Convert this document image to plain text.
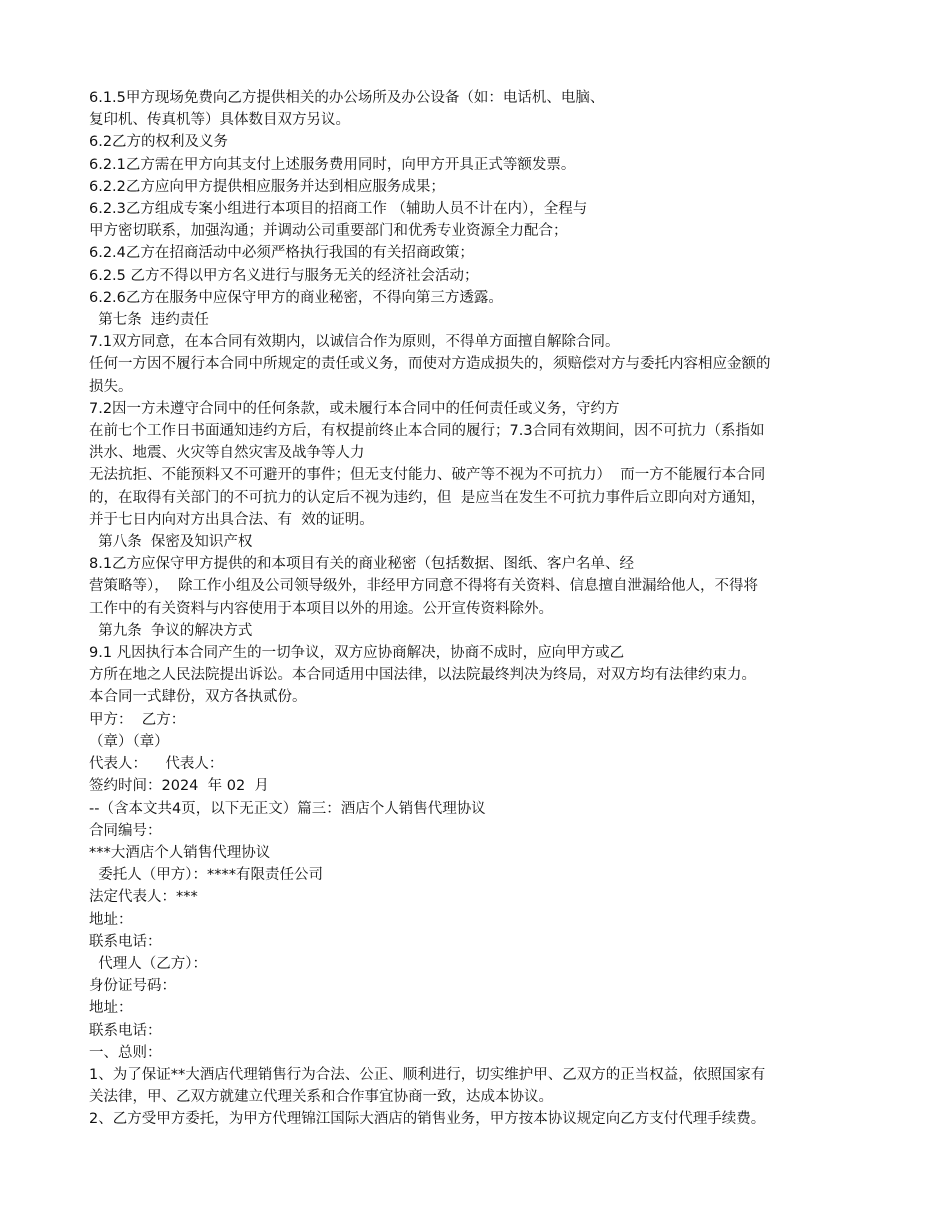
6.1.5甲方现场免费向乙方提供相关的办公场所及办公设备（如：电话机、电脑、
复印机、传真机等）具体数目双方另议。
6.2乙方的权利及义务
6.2.1乙方需在甲方向其支付上述服务费用同时，向甲方开具正式等额发票。
6.2.2乙方应向甲方提供相应服务并达到相应服务成果；
6.2.3乙方组成专案小组进行本项目的招商工作 （辅助人员不计在内），全程与
甲方密切联系，加强沟通；并调动公司重要部门和优秀专业资源全力配合；
6.2.4乙方在招商活动中必须严格执行我国的有关招商政策；
6.2.5 乙方不得以甲方名义进行与服务无关的经济社会活动；
6.2.6乙方在服务中应保守甲方的商业秘密，不得向第三方透露。
第七条  违约责任
7.1双方同意，在本合同有效期内，以诚信合作为原则，不得单方面擅自解除合同。
任何一方因不履行本合同中所规定的责任或义务，而使对方造成损失的，须赔偿对方与委托内容相应金额的
损失。
7.2因一方未遵守合同中的任何条款，或未履行本合同中的任何责任或义务，守约方
在前七个工作日书面通知违约方后，有权提前终止本合同的履行；7.3合同有效期间，因不可抗力（系指如
洪水、地震、火灾等自然灾害及战争等人力
无法抗拒、不能预料又不可避开的事件；但无支付能力、破产等不视为不可抗力）  而一方不能履行本合同
的，在取得有关部门的不可抗力的认定后不视为违约，但  是应当在发生不可抗力事件后立即向对方通知，
并于七日内向对方出具合法、有  效的证明。
第八条  保密及知识产权
8.1乙方应保守甲方提供的和本项目有关的商业秘密（包括数据、图纸、客户名单、经
营策略等），  除工作小组及公司领导级外，非经甲方同意不得将有关资料、信息擅自泄漏给他人，不得将
工作中的有关资料与内容使用于本项目以外的用途。公开宣传资料除外。
第九条  争议的解决方式
9.1 凡因执行本合同产生的一切争议，双方应协商解决，协商不成时，应向甲方或乙
方所在地之人民法院提出诉讼。本合同适用中国法律，以法院最终判决为终局，对双方均有法律约束力。
本合同一式肆份，双方各执贰份。
甲方：  乙方：
（章）（章）
代表人：    代表人：
签约时间：2024  年 02  月
--（含本文共4页，以下无正文）篇三：酒店个人销售代理协议
合同编号：
***大酒店个人销售代理协议
委托人（甲方）：****有限责任公司
法定代表人：***
地址：
联系电话：
代理人（乙方）：
身份证号码：
地址：
联系电话：
一、总则：
1、为了保证**大酒店代理销售行为合法、公正、顺利进行，切实维护甲、乙双方的正当权益，依照国家有
关法律，甲、乙双方就建立代理关系和合作事宜协商一致，达成本协议。
2、乙方受甲方委托，为甲方代理锦江国际大酒店的销售业务，甲方按本协议规定向乙方支付代理手续费。
